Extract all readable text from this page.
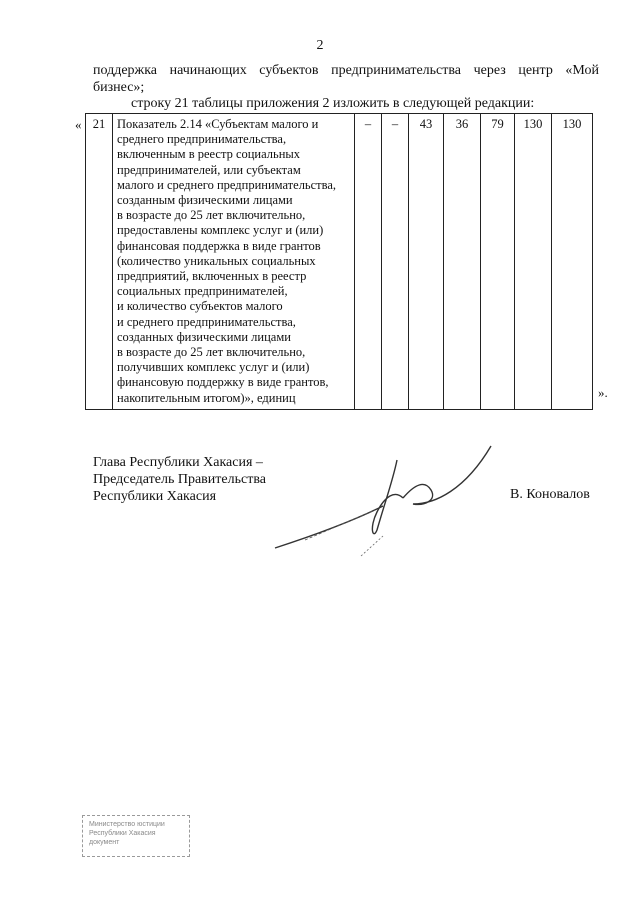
2
поддержка начинающих субъектов предпринимательства через центр «Мой
бизнес»;
строку 21 таблицы приложения 2 изложить в следующей редакции:
« 21	Показатель 2.14 «Субъектам малого и
среднего предпринимательства,
включенным в реестр социальных
предпринимателей, или субъектам
малого и среднего предпринимательства,
созданным физическими лицами
в возрасте до 25 лет включительно,
предоставлены комплекс услуг и (или)
финансовая поддержка в виде грантов
(количество уникальных социальных
предприятий, включенных в реестр
социальных предпринимателей,
и количество субъектов малого
и среднего предпринимательства,
созданных физическими лицами
в возрасте до 25 лет включительно,
получивших комплекс услуг и (или)
финансовую поддержку в виде грантов,
накопительным итогом)», единиц
	–	–	43	36	79	130	130
».
Глава Республики Хакасия –
Председатель Правительства
Республики Хакасия	В. Коновалов
Министерство юстиции
Республики Хакасия
документ
